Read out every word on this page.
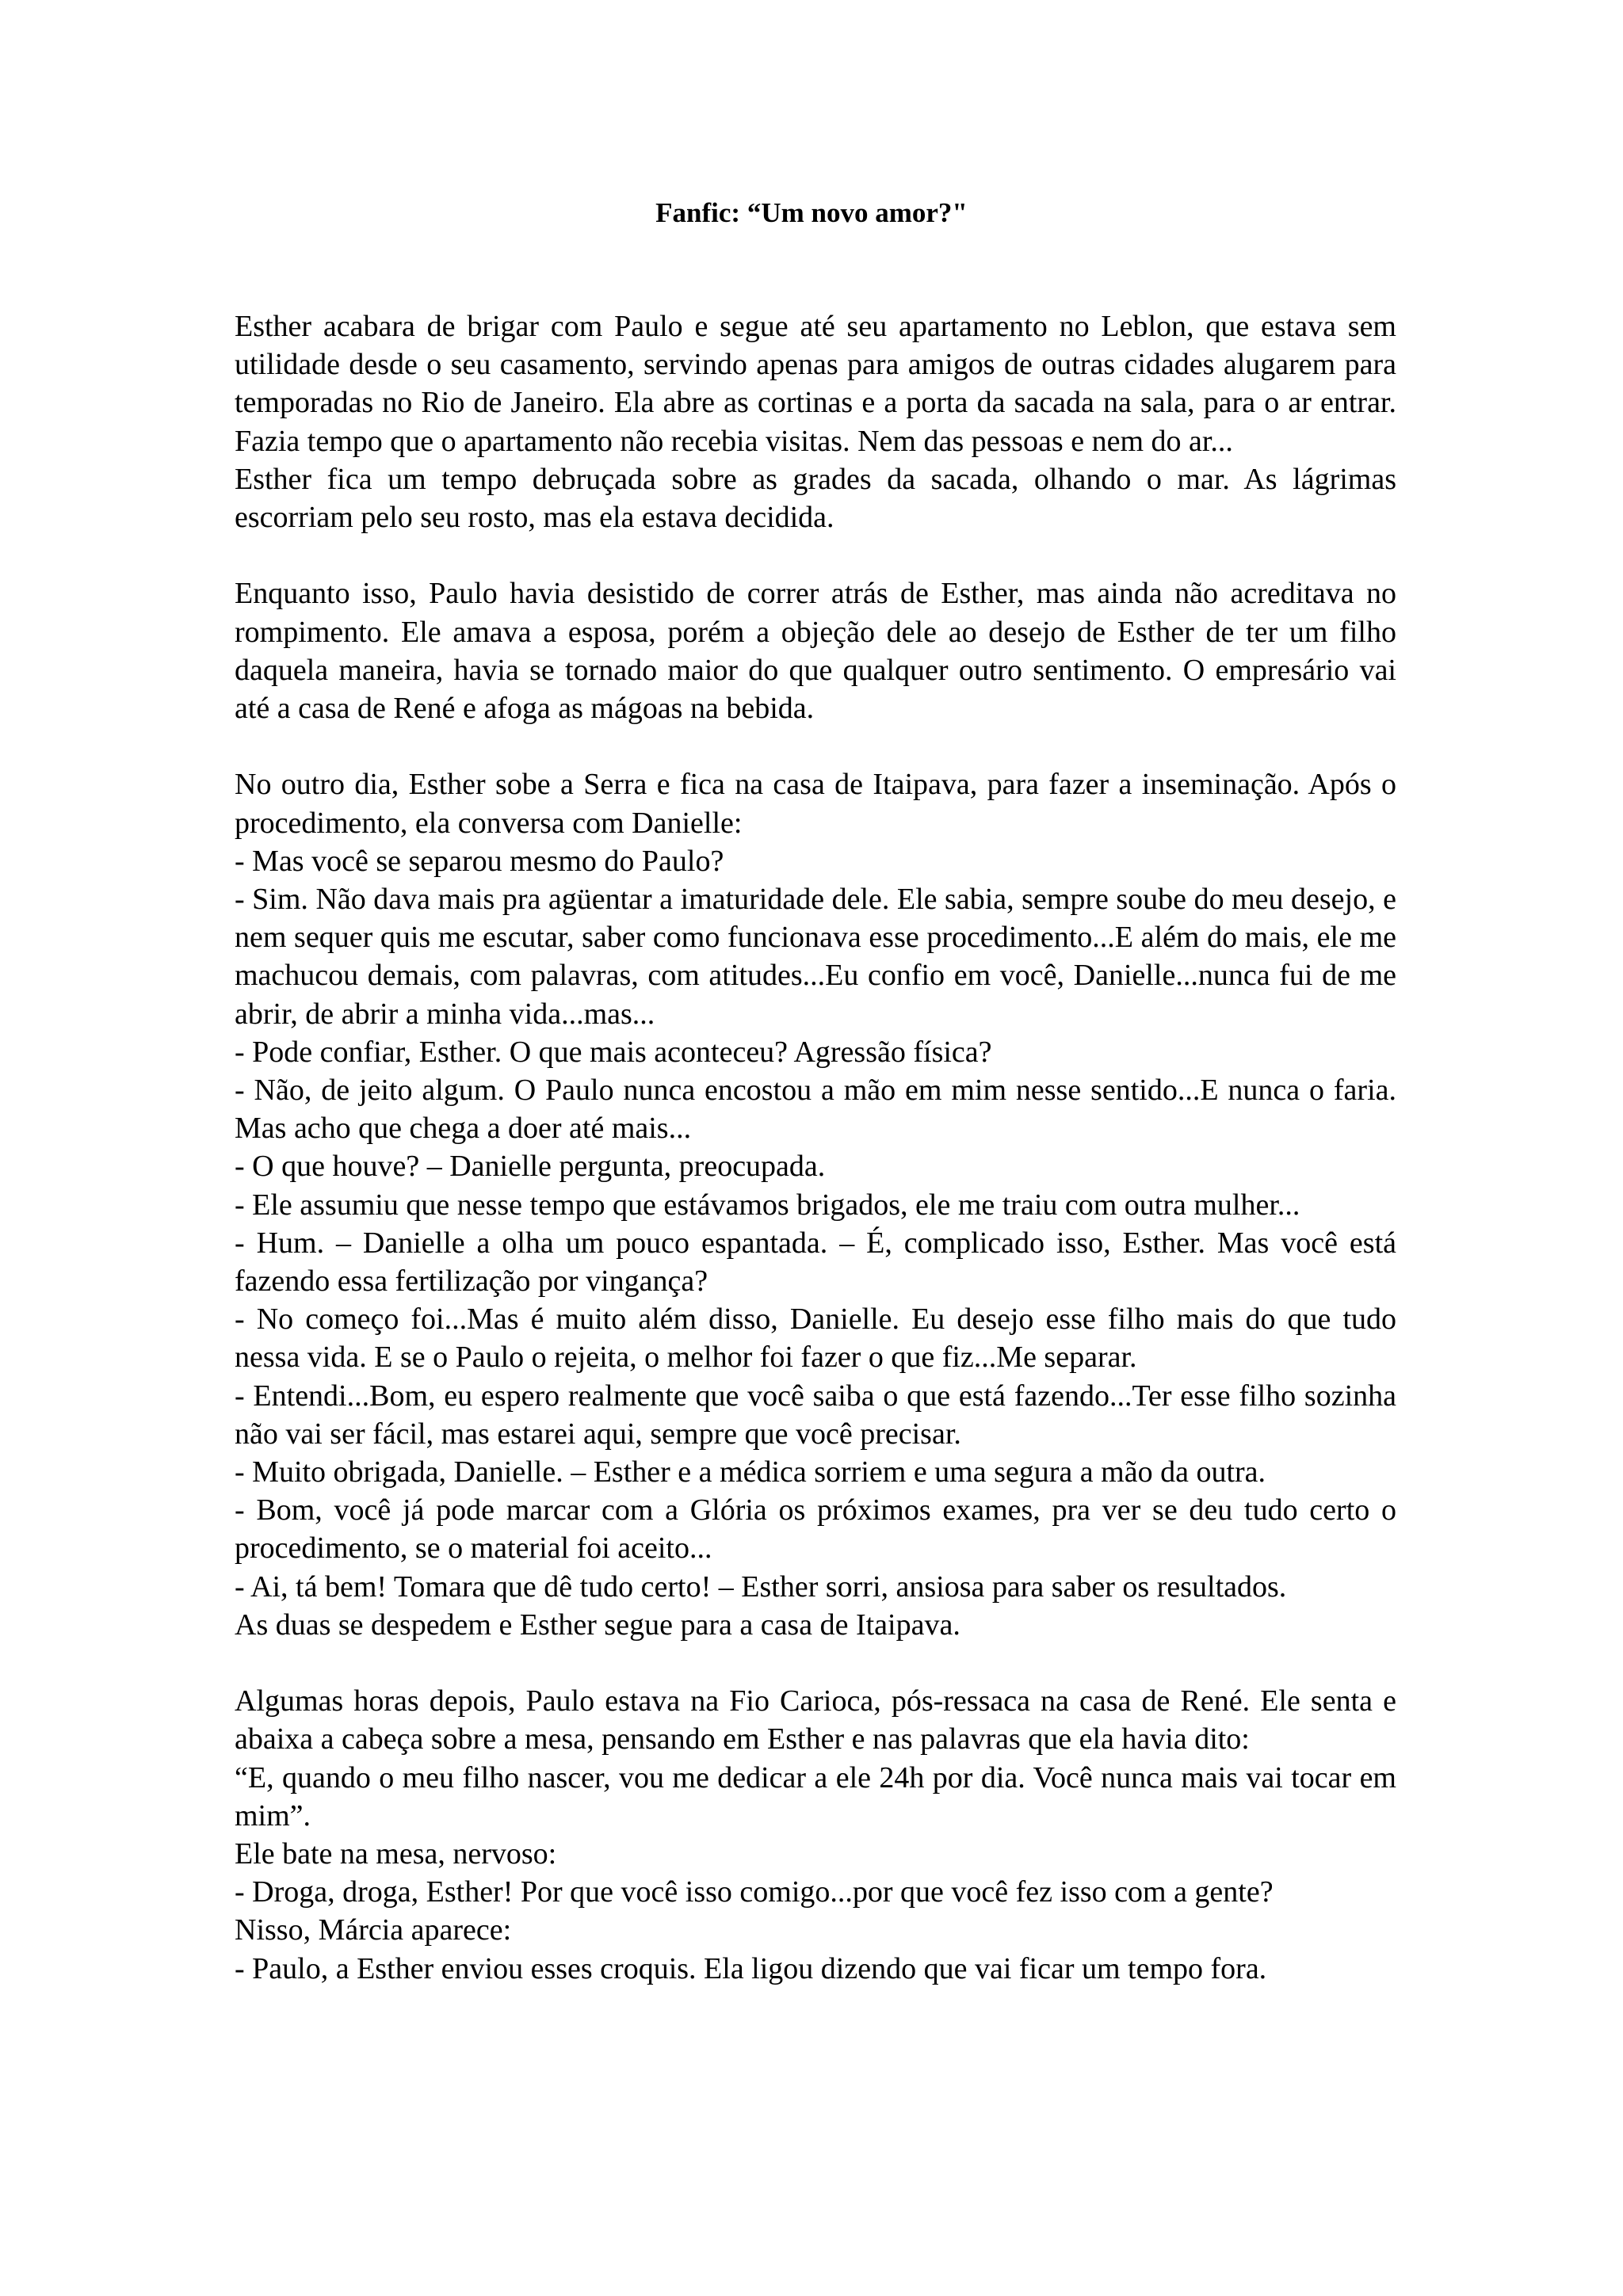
Fanfic: “Um novo amor?"

Esther acabara de brigar com Paulo e segue até seu apartamento no Leblon, que estava sem utilidade desde o seu casamento, servindo apenas para amigos de outras cidades alugarem para temporadas no Rio de Janeiro. Ela abre as cortinas e a porta da sacada na sala, para o ar entrar. Fazia tempo que o apartamento não recebia visitas. Nem das pessoas e nem do ar...

Esther fica um tempo debruçada sobre as grades da sacada, olhando o mar. As lágrimas escorriam pelo seu rosto, mas ela estava decidida.

Enquanto isso, Paulo havia desistido de correr atrás de Esther, mas ainda não acreditava no rompimento. Ele amava a esposa, porém a objeção dele ao desejo de Esther de ter um filho daquela maneira, havia se tornado maior do que qualquer outro sentimento. O empresário vai até a casa de René e afoga as mágoas na bebida.

No outro dia, Esther sobe a Serra e fica na casa de Itaipava, para fazer a inseminação. Após o procedimento, ela conversa com Danielle:

- Mas você se separou mesmo do Paulo?

- Sim. Não dava mais pra agüentar a imaturidade dele. Ele sabia, sempre soube do meu desejo, e nem sequer quis me escutar, saber como funcionava esse procedimento...E além do mais, ele me machucou demais, com palavras, com atitudes...Eu confio em você, Danielle...nunca fui de me abrir, de abrir a minha vida...mas...

- Pode confiar, Esther. O que mais aconteceu? Agressão física?

- Não, de jeito algum. O Paulo nunca encostou a mão em mim nesse sentido...E nunca o faria. Mas acho que chega a doer até mais...

- O que houve? – Danielle pergunta, preocupada.

- Ele assumiu que nesse tempo que estávamos brigados, ele me traiu com outra mulher...

- Hum. – Danielle a olha um pouco espantada. – É, complicado isso, Esther. Mas você está fazendo essa fertilização por vingança?

- No começo foi...Mas é muito além disso, Danielle. Eu desejo esse filho mais do que tudo nessa vida. E se o Paulo o rejeita, o melhor foi fazer o que fiz...Me separar.

- Entendi...Bom, eu espero realmente que você saiba o que está fazendo...Ter esse filho sozinha não vai ser fácil, mas estarei aqui, sempre que você precisar.

- Muito obrigada, Danielle. – Esther e a médica sorriem e uma segura a mão da outra.

- Bom, você já pode marcar com a Glória os próximos exames, pra ver se deu tudo certo o procedimento, se o material foi aceito...

- Ai, tá bem! Tomara que dê tudo certo! – Esther sorri, ansiosa para saber os resultados.

As duas se despedem e Esther segue para a casa de Itaipava.

Algumas horas depois, Paulo estava na Fio Carioca, pós-ressaca na casa de René. Ele senta e abaixa a cabeça sobre a mesa, pensando em Esther e nas palavras que ela havia dito:

“E, quando o meu filho nascer, vou me dedicar a ele 24h por dia. Você nunca mais vai tocar em mim”.

Ele bate na mesa, nervoso:

- Droga, droga, Esther! Por que você isso comigo...por que você fez isso com a gente?

Nisso, Márcia aparece:

- Paulo, a Esther enviou esses croquis. Ela ligou dizendo que vai ficar um tempo fora.
